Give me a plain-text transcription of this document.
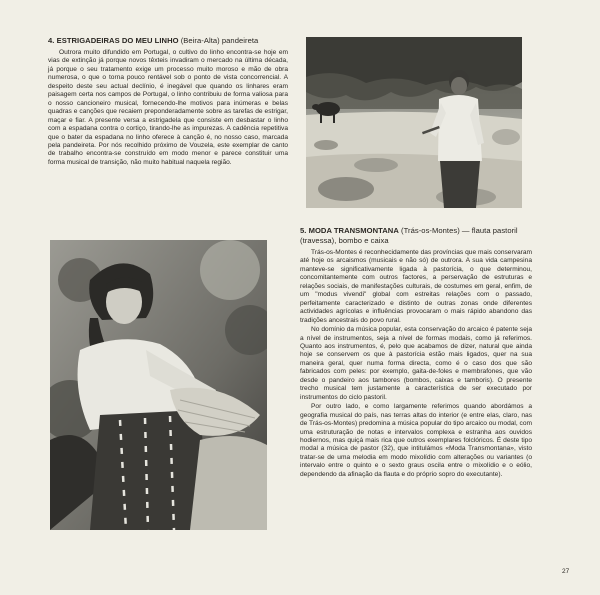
4. ESTRIGADEIRAS DO MEU LINHO (Beira-Alta) pandeireta

Outrora muito difundido em Portugal, o cultivo do linho encontra-se hoje em vias de extinção já porque novos têxteis invadiram o mercado na última década, já porque o seu tratamento exige um processo muito moroso e mão de obra numerosa, o que o torna pouco rentável sob o ponto de vista concorrencial. A despeito deste seu actual declínio, é inegável que quando os linhares eram paisagem certa nos campos de Portugal, o linho contribuiu de forma valiosa para o nosso cancioneiro musical, fornecendo-lhe motivos para inúmeras e belas quadras e canções que recaiem preponderadamente sobre as tarefas de estrigar, maçar e fiar. A presente versa a estrigadela que consiste em desbastar o linho com a espadana contra o cortiço, tirando-lhe as impurezas. A cadência repetitiva que o bater da espadana no linho oferece à canção é, no nosso caso, marcada pela pandeireta. Por nós recolhido próximo de Vouzela, este exemplar de canto de trabalho encontra-se construído em modo menor e parece constituir uma forma musical de transição, não muito habitual naquela região.

5. MODA TRANSMONTANA (Trás-os-Montes) — flauta pastoril (travessa), bombo e caixa

Trás-os-Montes é reconhecidamente das províncias que mais conservaram até hoje os arcaismos (musicais e não só) de outrora. A sua vida campesina manteve-se significativamente ligada à pastorícia, o que determinou, concomitantemente com outros factores, a perservação de estruturas e relações sociais, de manifestações culturais, de costumes em geral, enfim, de um "modus vivendi" global com estreitas relações com o passado, perfeitamente caracterizado e distinto de outras zonas onde diferentes actividades agrícolas e influências provocaram o mais rápido abandono das tradições ancestrais do povo rural.

No domínio da música popular, esta conservação do arcaico é patente seja a nível de instrumentos, seja a nível de formas modais, como já referimos. Quanto aos instrumentos, é, pelo que acabamos de dizer, natural que ainda hoje se conservem os que à pastorícia estão mais ligados, quer na sua maneira geral, quer numa forma directa, como é o caso dos que são fabricados com peles: por exemplo, gaita-de-foles e membrafones, que vão desde o pandeiro aos tambores (bombos, caixas e tamboris). O presente trecho musical tem justamente a característica de ser executado por instrumentos do ciclo pastoril.

Por outro lado, e como largamente referimos quando abordámos a geografia musical do país, nas terras altas do interior (e entre elas, claro, nas de Trás-os-Montes) predomina a música popular do tipo arcaico ou modal, com uma estruturação de notas e intervalos complexa e estranha aos ouvidos hodiernos, mas quiçá mais rica que outros exemplares folclóricos. É deste tipo modal a música de pastor (32), que intitulámos «Moda Transmontana», visto tratar-se de uma melodia em modo mixolídio com alterações ou variantes (o intervalo entre o quinto e o sexto graus oscila entre o mixolídio e o eólio, dependendo da afinação da flauta e do próprio sopro do executante).

27
